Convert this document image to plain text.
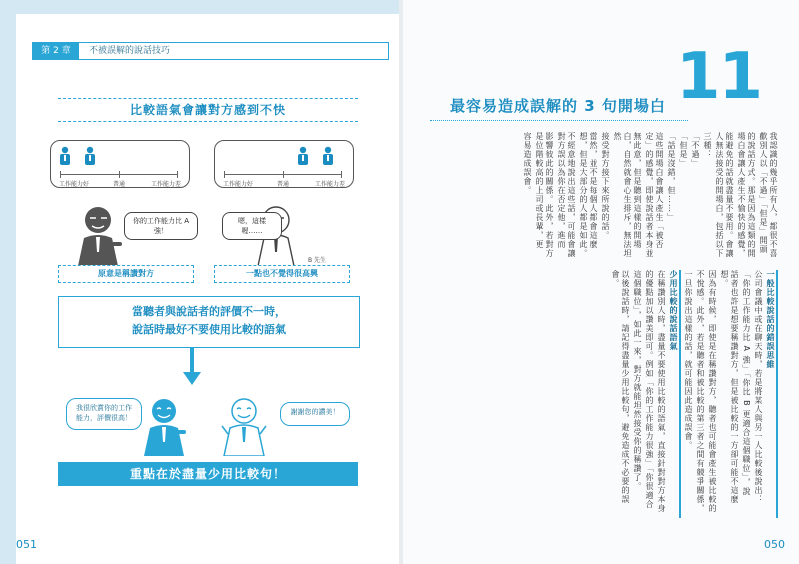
第 2 章	不被誤解的說話技巧
比較語氣會讓對方感到不快
工作能力好	普通	工作能力差	工作能力好	普通	工作能力差
你的工作能力比 A 強！
嗯，這樣喔……
B 先生
原意是稱讚對方	一點也不覺得很高興
當聽者與說話者的評價不一時，
說話時最好不要使用比較的語氣
我很欣賞你的工作能力，評價很高！
謝謝您的讚美！
重點在於盡量少用比較句！
051
11
最容易造成誤解的 3 句開場白
我認識的幾乎所有人，都很不喜歡別人以「不過」「但是」開頭
的說話方式。那是因為這類的開場白會讓人產生不愉快的感覺，
能避免的話就盡量不要用。會讓人無法接受的開場白，包括以下
三種：
「不過」
「但是」
「話是沒錯，但……」
這些開場白會讓人產生「被否定」的感覺，即使說話者本身並
無此意，但是聽到這樣的開場白，自然就會心生排斥，無法坦然
接受對方接下來所說的話。
當然，並不是每個人都會這麼想，但是大部分的人都是如此。
不經意地說出這些話，可能會讓對方誤以為你在否定他，進而
影響彼此的關係。此外，若對方是位階較高的上司或長輩，更
容易造成誤會。
一般比較說話的錯誤思維
公司會議中或在聊天時，若是將某人與另一人比較後說出：
「你的工作能力比 A 強」「你比 B 更適合這個職位」，說
話者也許是想要稱讚對方，但是被比較的一方卻可能不這麼想。
因為有時候，即使是在稱讚對方，聽者也可能會產生被比較的
不悅感。此外，若是聽者和被比較的第三者之間有競爭關係，
一旦你說出這樣的話，就可能因此造成誤會。
少用比較的說話語氣
在稱讚別人時，盡量不要使用比較的語氣，直接針對對方本身
的優點加以讚美即可。例如「你的工作能力很強」「你很適合
這個職位」，如此一來，對方就能坦然接受你的稱讚了。
以後說話時，請記得盡量少用比較句，避免造成不必要的誤會。
050
